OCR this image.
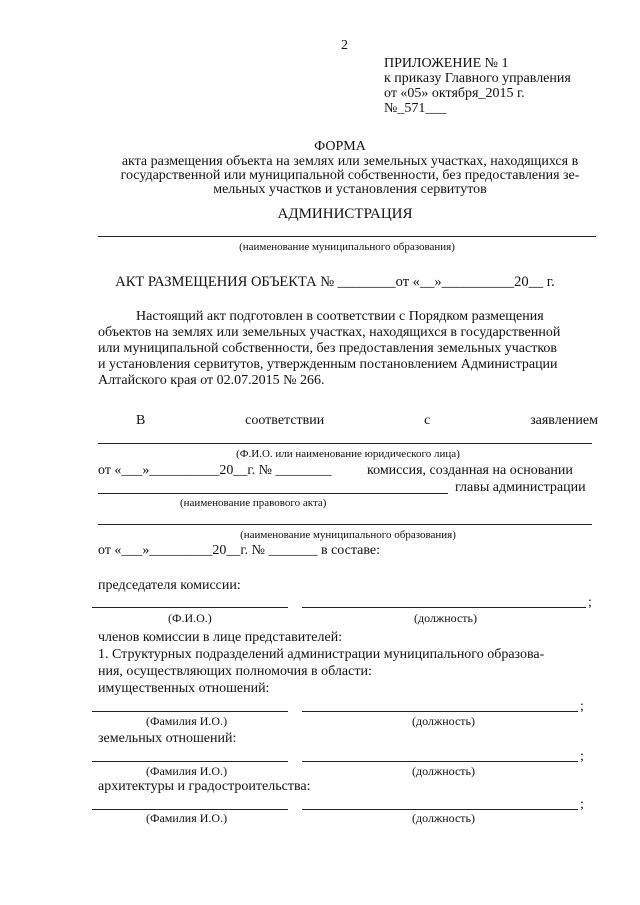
2
ПРИЛОЖЕНИЕ № 1
к приказу Главного управления
от «05» октября_2015 г.
№_571___
ФОРМА
акта размещения объекта на землях или земельных участках, находящихся в
государственной или муниципальной собственности, без предоставления зе-
мельных участков и установления сервитутов
АДМИНИСТРАЦИЯ
(наименование муниципального образования)
АКТ РАЗМЕЩЕНИЯ ОБЪЕКТА № ________от «__»__________20__ г.
Настоящий акт подготовлен в соответствии с Порядком размещения
объектов на землях или земельных участках, находящихся в государственной
или муниципальной собственности, без предоставления земельных участков
и установления сервитутов, утвержденным постановлением Администрации
Алтайского края от 02.07.2015 № 266.
В	соответствии	с	заявлением
(Ф.И.О. или наименование юридического лица)
от «___»__________20__г. № ________	комиссия, созданная на основании
главы администрации
(наименование правового акта)
(наименование муниципального образования)
от «___»_________20__г. № _______ в составе:
председателя комиссии:
;
(Ф.И.О.)	(должность)
членов комиссии в лице представителей:
1. Структурных подразделений администрации муниципального образова-
ния, осуществляющих полномочия в области:
имущественных отношений:
;
(Фамилия И.О.)	(должность)
земельных отношений:
;
(Фамилия И.О.)	(должность)
архитектуры и градостроительства:
;
(Фамилия И.О.)	(должность)
